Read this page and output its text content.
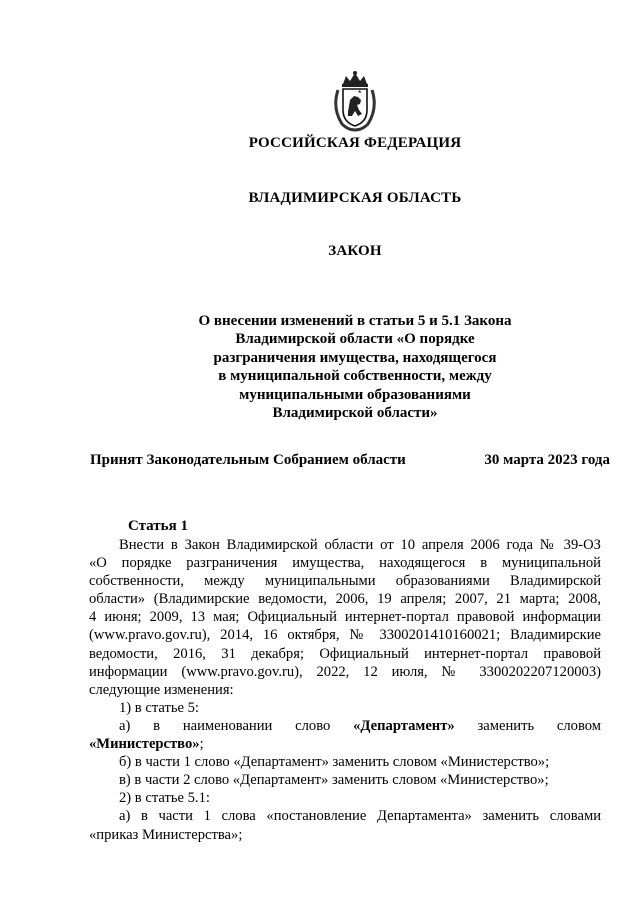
РОССИЙСКАЯ ФЕДЕРАЦИЯ
ВЛАДИМИРСКАЯ ОБЛАСТЬ
ЗАКОН
О внесении изменений в статьи 5 и 5.1 Закона
Владимирской области «О порядке
разграничения имущества, находящегося
в муниципальной собственности, между
муниципальными образованиями
Владимирской области»
Принят Законодательным Собранием области	30 марта 2023 года
Статья 1

Внести в Закон Владимирской области от 10 апреля 2006 года № 39-ОЗ

«О порядке разграничения имущества, находящегося в муниципальной

собственности, между муниципальными образованиями Владимирской

области» (Владимирские ведомости, 2006, 19 апреля; 2007, 21 марта; 2008,

4 июня; 2009, 13 мая; Официальный интернет-портал правовой информации

(www.pravo.gov.ru), 2014, 16 октября, № 3300201410160021; Владимирские

ведомости, 2016, 31 декабря; Официальный интернет-портал правовой

информации (www.pravo.gov.ru), 2022, 12 июля, № 3300202207120003)

следующие изменения:

1) в статье 5:

а) в наименовании слово «Департамент» заменить словом

«Министерство»;

б) в части 1 слово «Департамент» заменить словом «Министерство»;

в) в части 2 слово «Департамент» заменить словом «Министерство»;

2) в статье 5.1:

а) в части 1 слова «постановление Департамента» заменить словами

«приказ Министерства»;
